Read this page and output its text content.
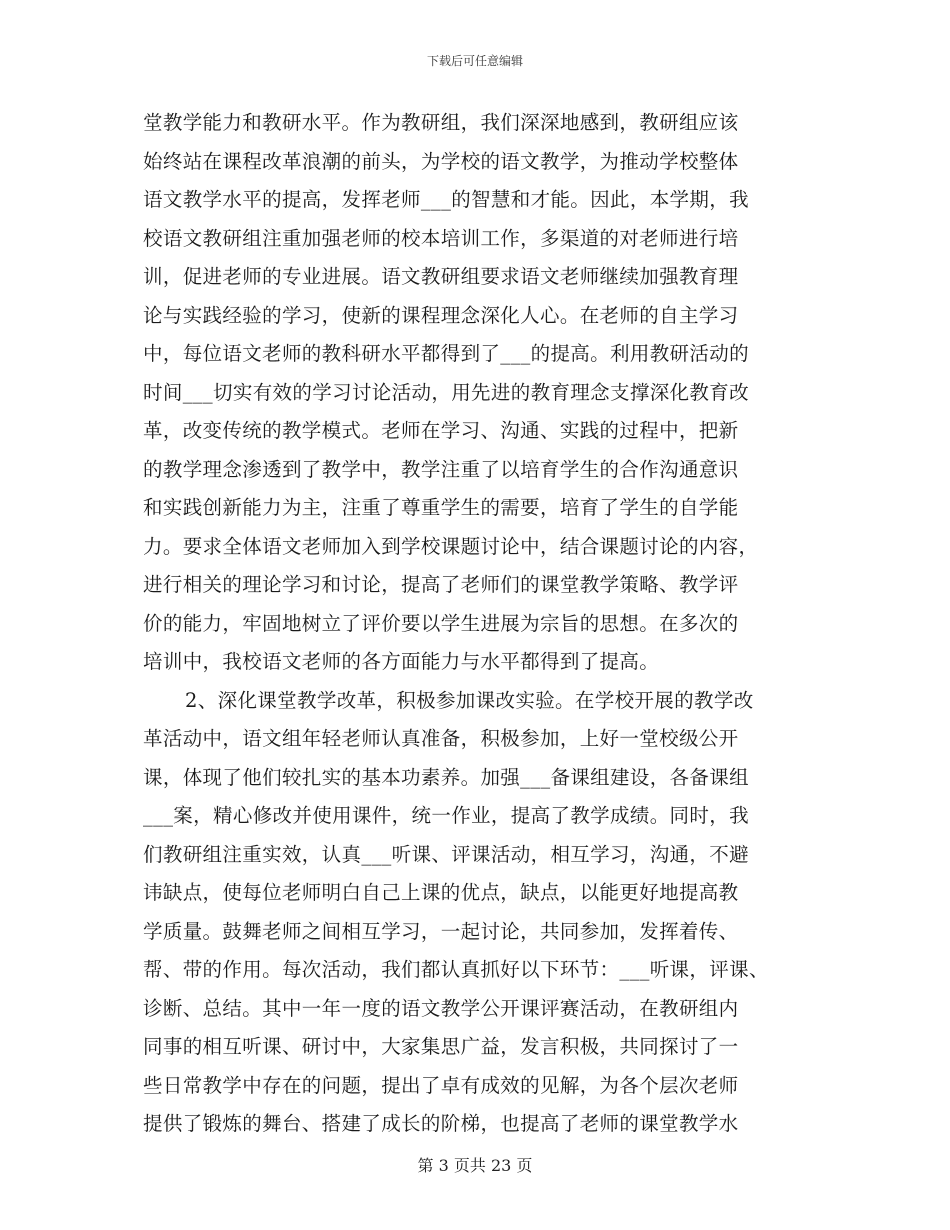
下载后可任意编辑
堂教学能力和教研水平。作为教研组，我们深深地感到，教研组应该
始终站在课程改革浪潮的前头，为学校的语文教学，为推动学校整体
语文教学水平的提高，发挥老师___的智慧和才能。因此，本学期，我
校语文教研组注重加强老师的校本培训工作，多渠道的对老师进行培
训，促进老师的专业进展。语文教研组要求语文老师继续加强教育理
论与实践经验的学习，使新的课程理念深化人心。在老师的自主学习
中，每位语文老师的教科研水平都得到了___的提高。利用教研活动的
时间___切实有效的学习讨论活动，用先进的教育理念支撑深化教育改
革，改变传统的教学模式。老师在学习、沟通、实践的过程中，把新
的教学理念渗透到了教学中，教学注重了以培育学生的合作沟通意识
和实践创新能力为主，注重了尊重学生的需要，培育了学生的自学能
力。要求全体语文老师加入到学校课题讨论中，结合课题讨论的内容，
进行相关的理论学习和讨论，提高了老师们的课堂教学策略、教学评
价的能力，牢固地树立了评价要以学生进展为宗旨的思想。在多次的
培训中，我校语文老师的各方面能力与水平都得到了提高。
2、深化课堂教学改革，积极参加课改实验。在学校开展的教学改
革活动中，语文组年轻老师认真准备，积极参加，上好一堂校级公开
课，体现了他们较扎实的基本功素养。加强___备课组建设，各备课组
___案，精心修改并使用课件，统一作业，提高了教学成绩。同时，我
们教研组注重实效，认真___听课、评课活动，相互学习，沟通，不避
讳缺点，使每位老师明白自己上课的优点，缺点，以能更好地提高教
学质量。鼓舞老师之间相互学习，一起讨论，共同参加，发挥着传、
帮、带的作用。每次活动，我们都认真抓好以下环节：___听课，评课、
诊断、总结。其中一年一度的语文教学公开课评赛活动，在教研组内
同事的相互听课、研讨中，大家集思广益，发言积极，共同探讨了一
些日常教学中存在的问题，提出了卓有成效的见解，为各个层次老师
提供了锻炼的舞台、搭建了成长的阶梯，也提高了老师的课堂教学水
第 3 页共 23 页
